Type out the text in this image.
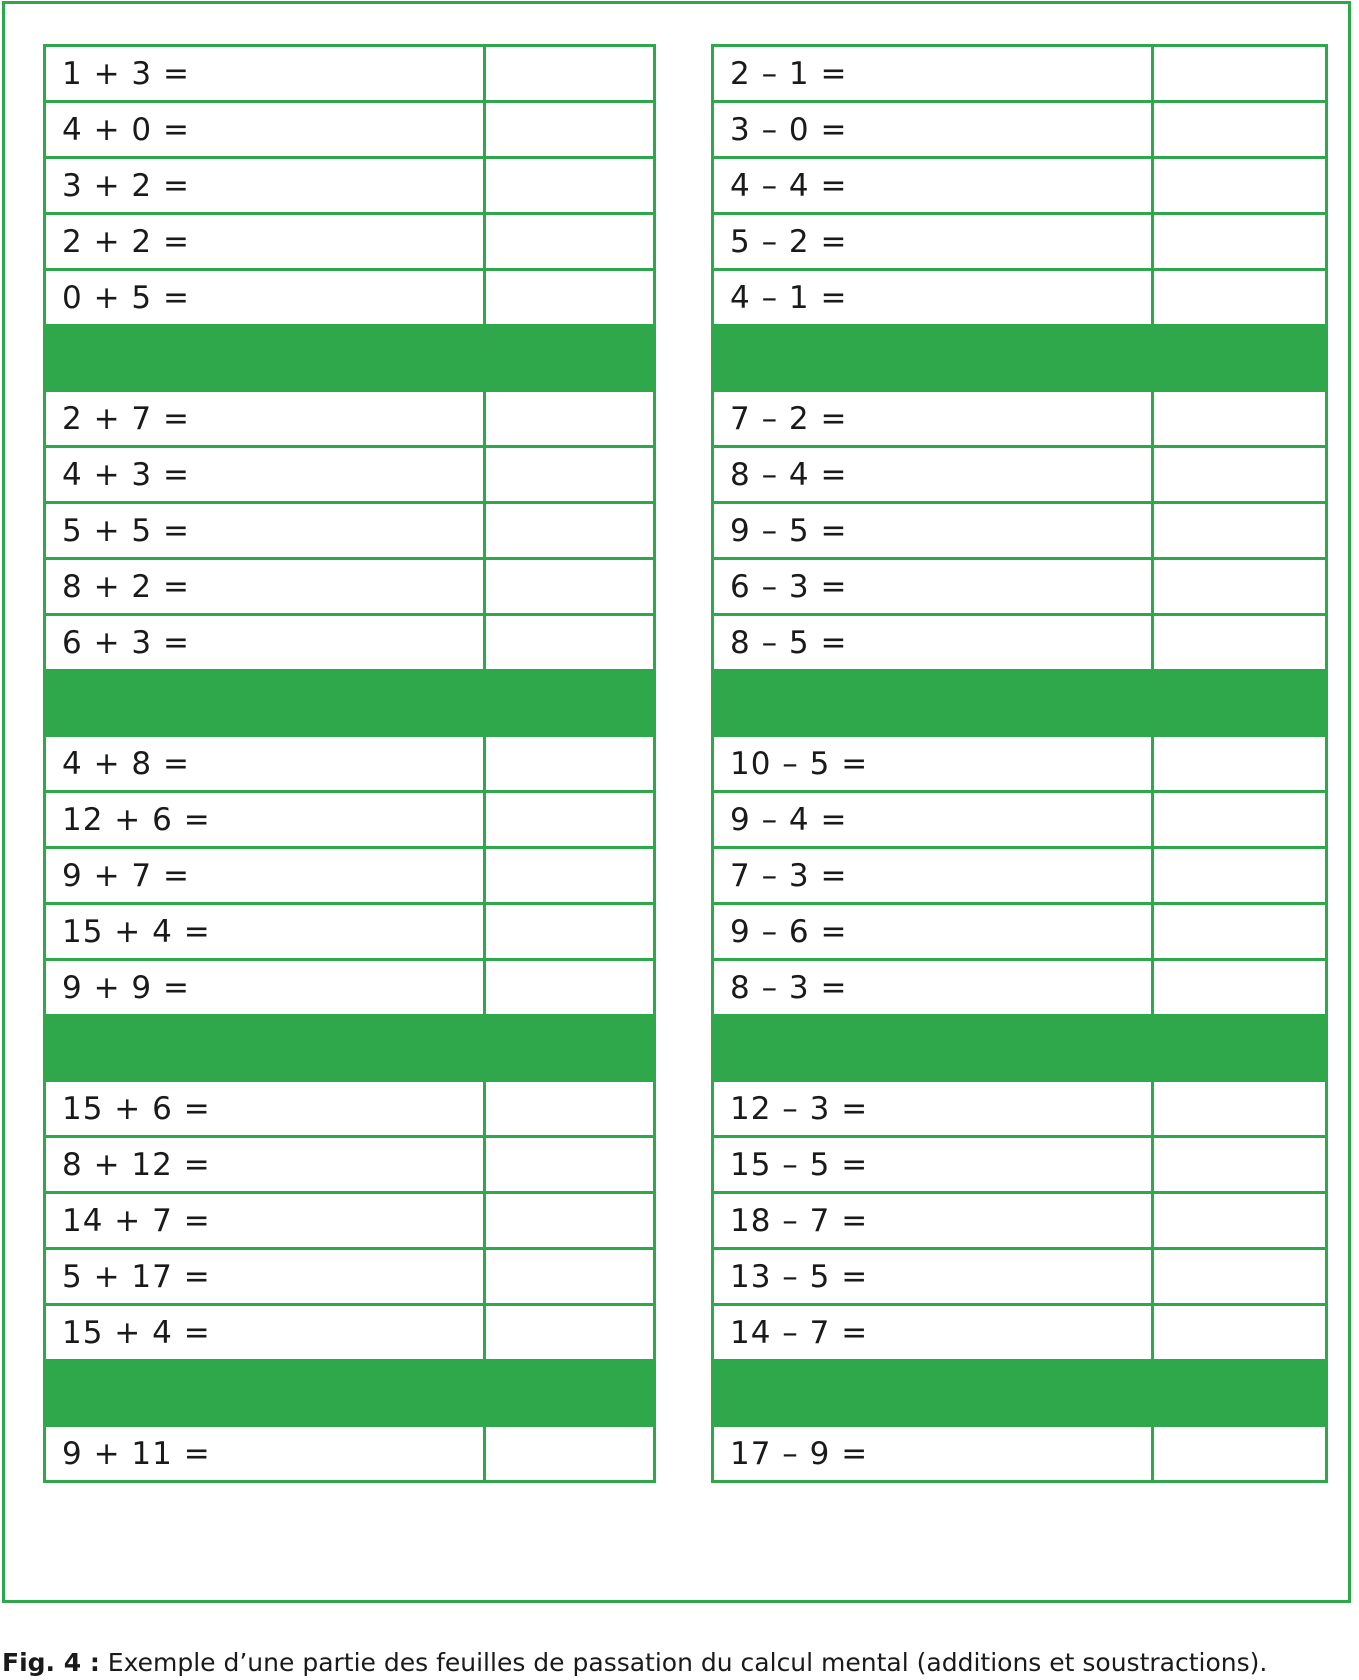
1 + 3 =	
4 + 0 =	
3 + 2 =	
2 + 2 =	
0 + 5 =	

2 + 7 =	
4 + 3 =	
5 + 5 =	
8 + 2 =	
6 + 3 =	

4 + 8 =	
12 + 6 =	
9 + 7 =	
15 + 4 =	
9 + 9 =	

15 + 6 =	
8 + 12 =	
14 + 7 =	
5 + 17 =	
15 + 4 =	

9 + 11 =	
2 – 1 =	
3 – 0 =	
4 – 4 =	
5 – 2 =	
4 – 1 =	

7 – 2 =	
8 – 4 =	
9 – 5 =	
6 – 3 =	
8 – 5 =	

10 – 5 =	
9 – 4 =	
7 – 3 =	
9 – 6 =	
8 – 3 =	

12 – 3 =	
15 – 5 =	
18 – 7 =	
13 – 5 =	
14 – 7 =	

17 – 9 =	
Fig. 4 : Exemple d’une partie des feuilles de passation du calcul mental (additions et soustractions).
